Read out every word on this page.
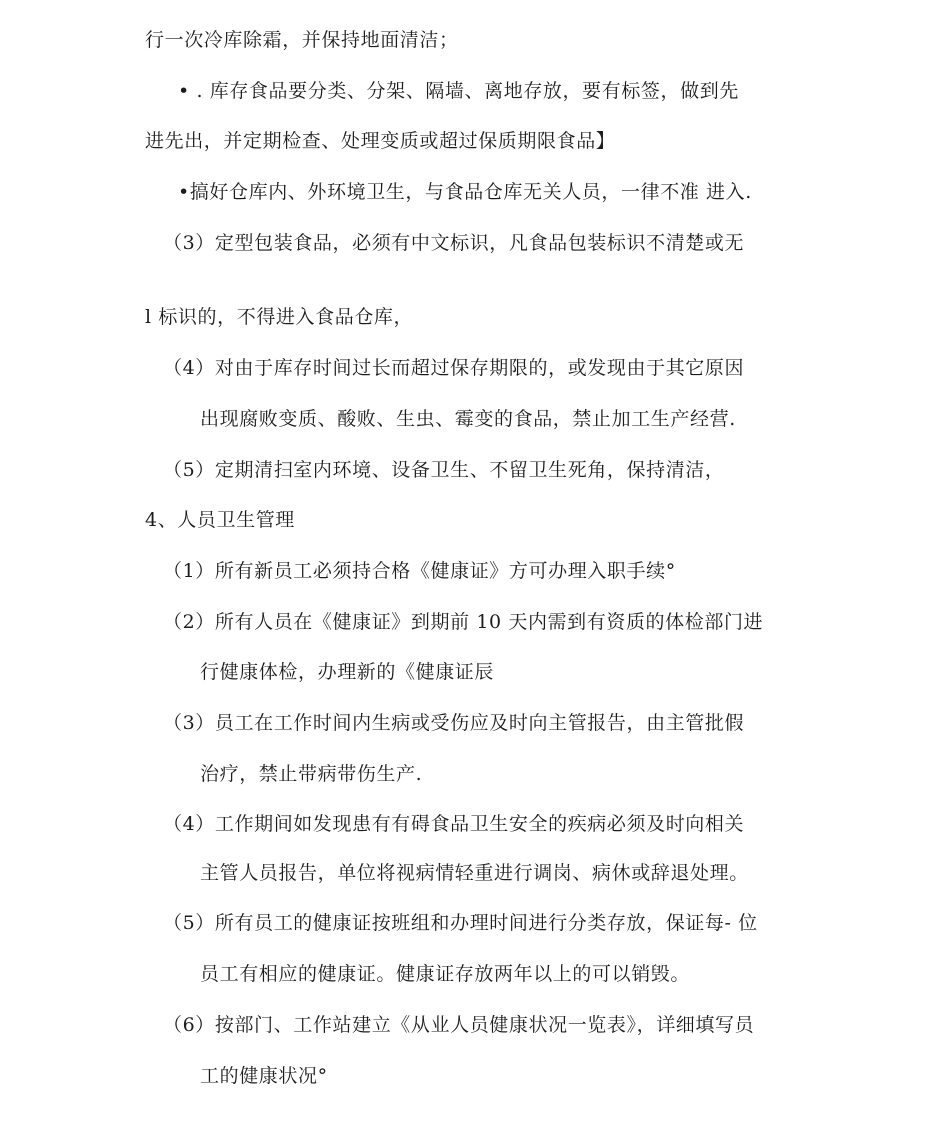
行一次冷库除霜，并保持地面清洁；
• . 库存食品要分类、分架、隔墙、离地存放，要有标签，做到先
进先出，并定期检查、处理变质或超过保质期限食品】
•搞好仓库内、外环境卫生，与食品仓库无关人员，一律不准 进入.
（3）定型包装食品，必须有中文标识，凡食品包装标识不清楚或无
l 标识的，不得进入食品仓库，
（4）对由于库存时间过长而超过保存期限的，或发现由于其它原因
出现腐败变质、酸败、生虫、霉变的食品，禁止加工生产经营.
（5）定期清扫室内环境、设备卫生、不留卫生死角，保持清洁，
4、人员卫生管理
（1）所有新员工必须持合格《健康证》方可办理入职手续°
（2）所有人员在《健康证》到期前 10 天内需到有资质的体检部门进
行健康体检，办理新的《健康证辰
（3）员工在工作时间内生病或受伤应及时向主管报告，由主管批假
治疗，禁止带病带伤生产.
（4）工作期间如发现患有有碍食品卫生安全的疾病必须及时向相关
主管人员报告，单位将视病情轻重进行调岗、病休或辞退处理。
（5）所有员工的健康证按班组和办理时间进行分类存放，保证每- 位
员工有相应的健康证。健康证存放两年以上的可以销毁。
（6）按部门、工作站建立《从业人员健康状况一览表》，详细填写员
工的健康状况°
